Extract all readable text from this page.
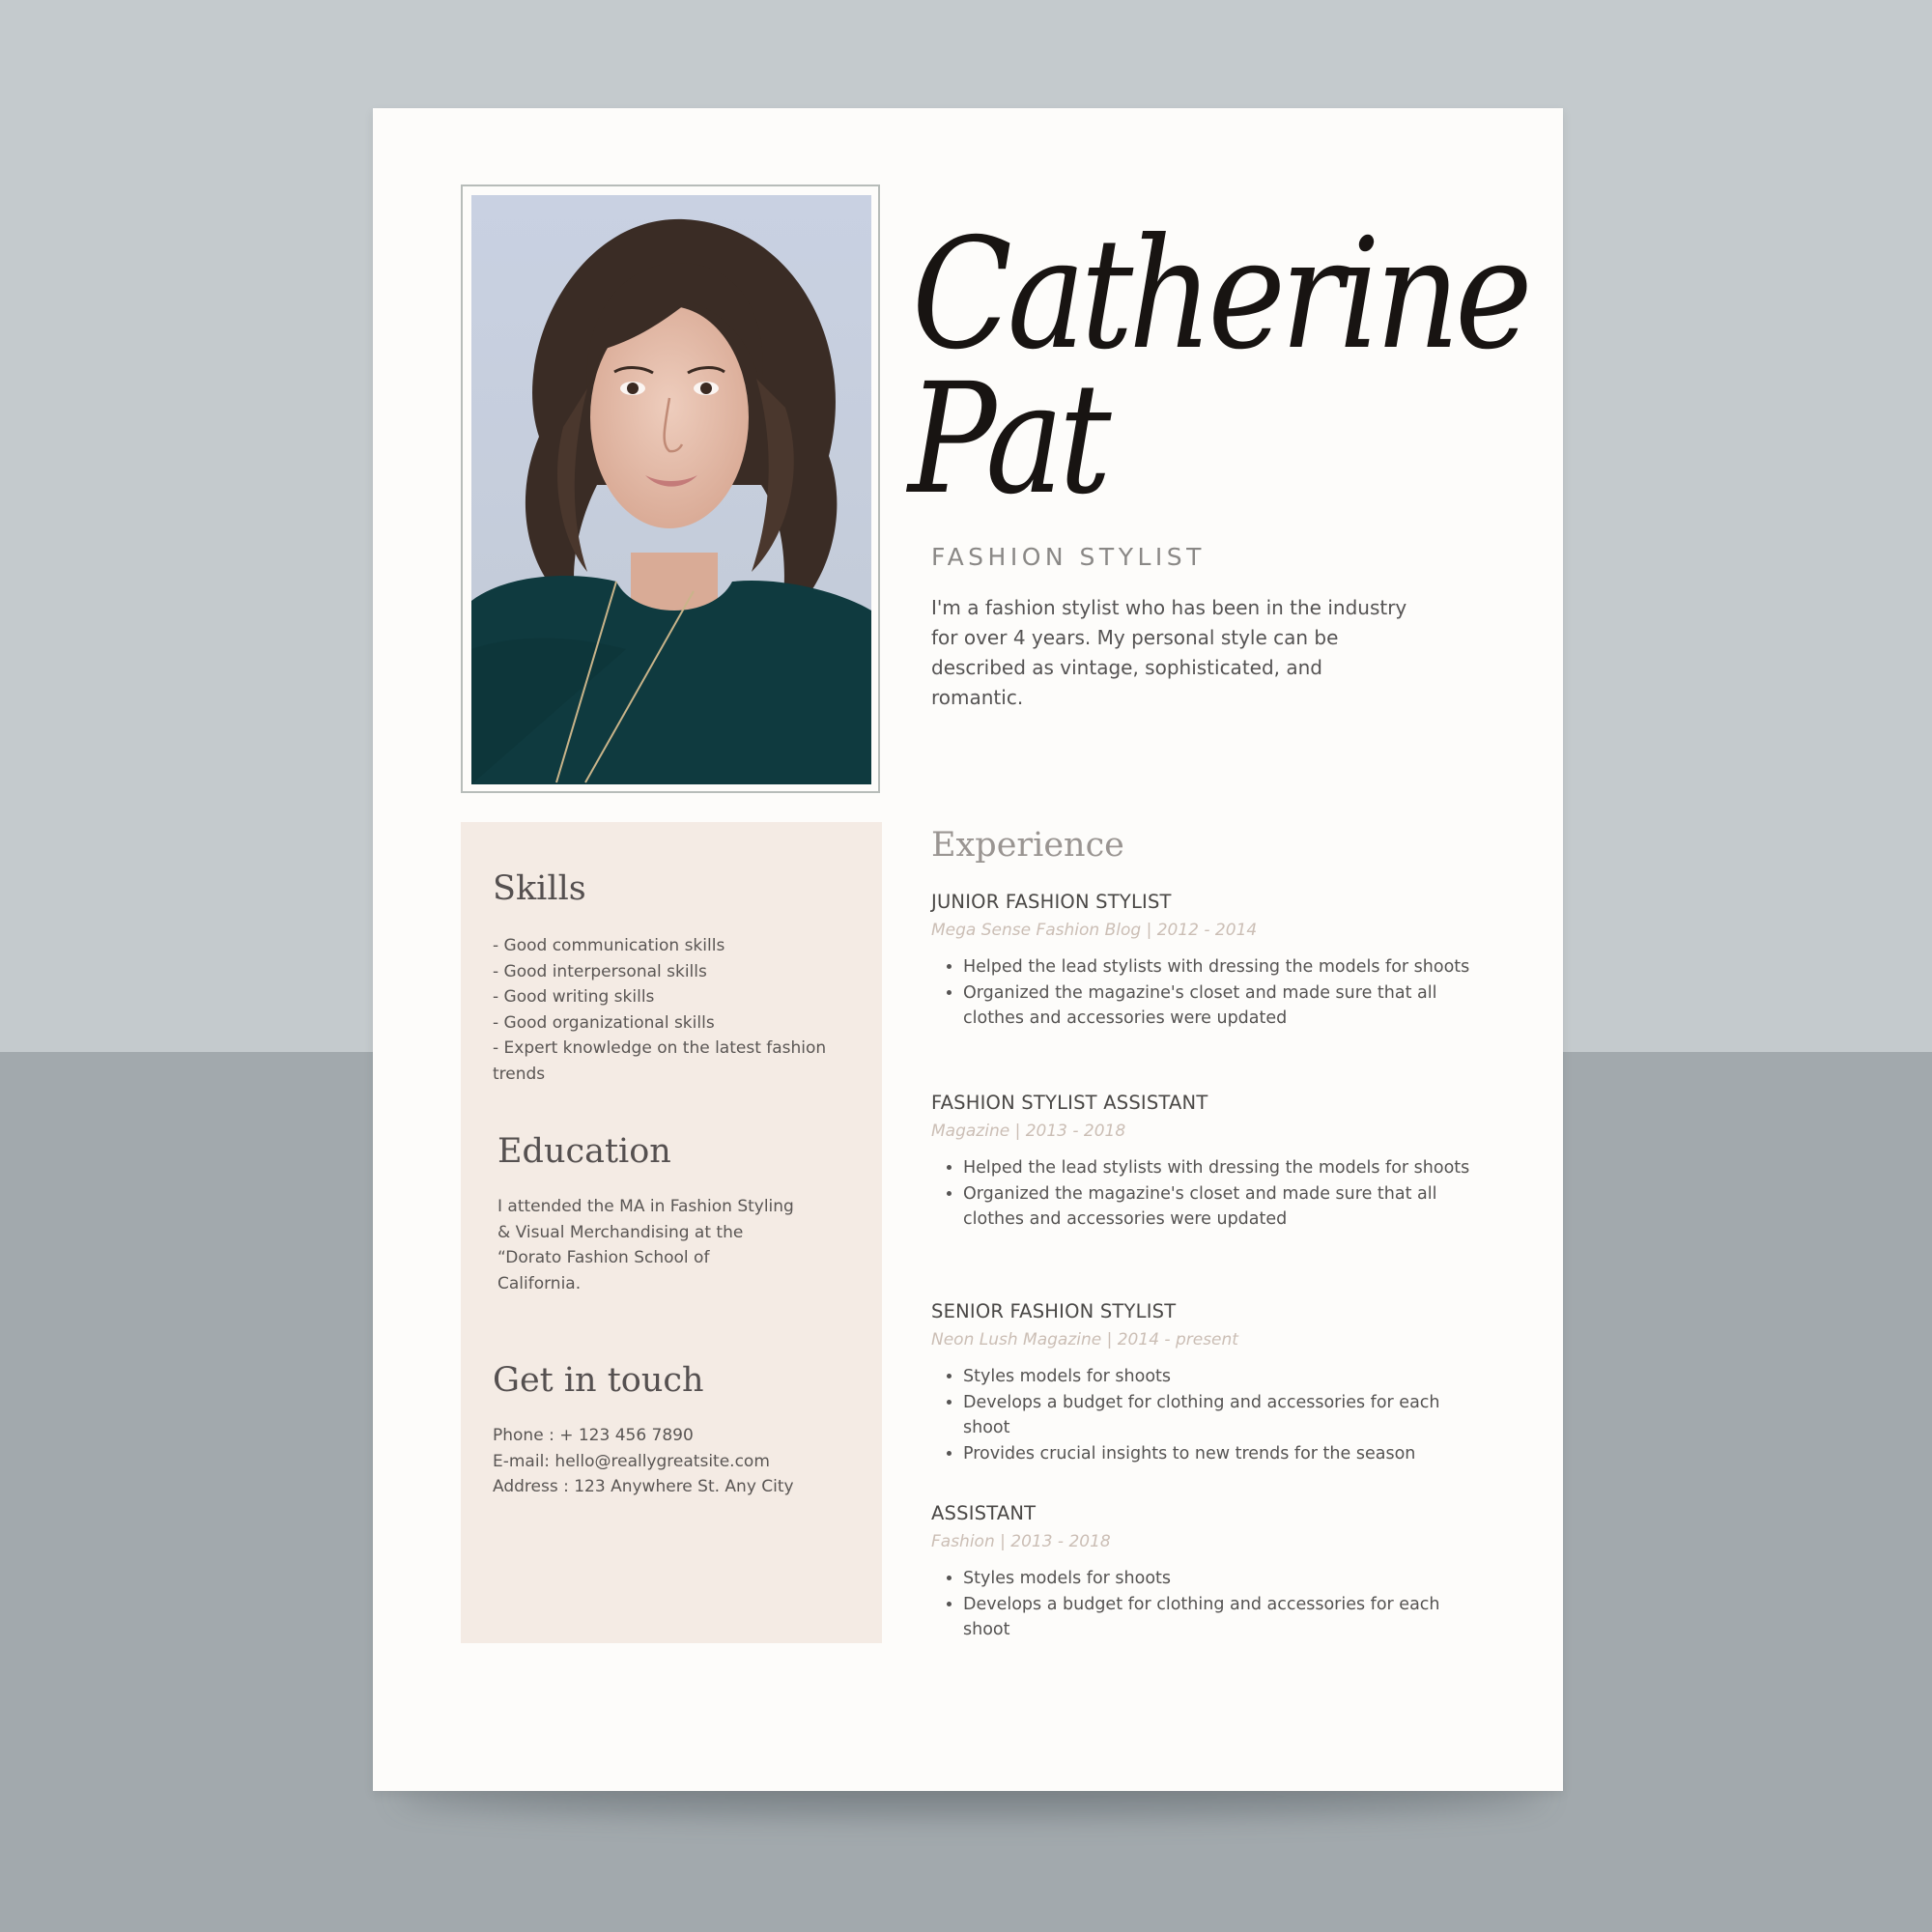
Catherine
Pat
FASHION STYLIST
I'm a fashion stylist who has been in the industry for over 4 years. My personal style can be described as vintage, sophisticated, and romantic.
Skills
- Good communication skills
- Good interpersonal skills
- Good writing skills
- Good organizational skills
- Expert knowledge on the latest fashion trends
Education
I attended the MA in Fashion Styling & Visual Merchandising at the “Dorato Fashion School of California.
Get in touch
Phone : + 123 456 7890
E-mail: hello@reallygreatsite.com
Address : 123 Anywhere St. Any City
Experience
JUNIOR FASHION STYLIST
Mega Sense Fashion Blog | 2012 - 2014
• Helped the lead stylists with dressing the models for shoots
• Organized the magazine's closet and made sure that all clothes and accessories were updated
FASHION STYLIST ASSISTANT
Magazine | 2013 - 2018
• Helped the lead stylists with dressing the models for shoots
• Organized the magazine's closet and made sure that all clothes and accessories were updated
SENIOR FASHION STYLIST
Neon Lush Magazine | 2014 - present
• Styles models for shoots
• Develops a budget for clothing and accessories for each shoot
• Provides crucial insights to new trends for the season
ASSISTANT
Fashion | 2013 - 2018
• Styles models for shoots
• Develops a budget for clothing and accessories for each shoot
